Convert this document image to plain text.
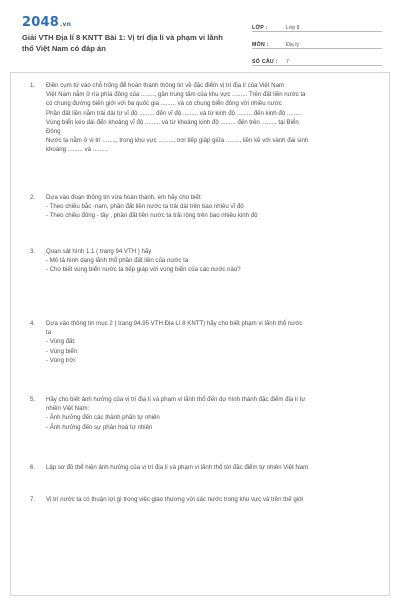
2048.vn
Giải VTH Địa lí 8 KNTT Bài 1: Vị trí địa lí và phạm vi lãnh thổ Việt Nam có đáp án
LỚP :	Lớp 8
MÔN :	Địa lý
SỐ CÂU :	7
1. Điền cụm từ vào chỗ trống để hoàn thành thông tin về đặc điểm vị trí địa lí của Việt Nam
Việt Nam nằm ở rìa phía đông của ........, gần trung tâm của khu vực ......... Trên đất liền nước ta
có chung đường biên giới với ba quốc gia ......... và có chung biển đông với nhiều nước
Phần đất liền nằm trải dài từ vĩ độ ......... đến vĩ độ ......... và từ kinh độ ......... đến kinh độ .........
Vùng biển kéo dài đến khoảng vĩ độ ......... và từ khoảng kinh độ ......... đến trên ......... tại Biển
Đông
Nước ta nằm ở vị trí ........, trong khu vực ........., nơi tiếp giáp giữa ........, liền kề với vành đai sinh
khoáng ......... và .........
2. Dựa vào đoạn thông tin vừa hoàn thành, em hãy cho biết:
- Theo chiều bắc -nam, phần đất liền nước ta trải dài trên bao nhiêu vĩ độ
- Theo chiều đông - tây , phần đất liền nước ta trải rộng trên bao nhiêu kinh độ
3. Quan sát hình 1.1 ( trang 94 VTH ) hãy
- Mô tả hình dạng lãnh thổ phần đất liền của nước ta
- Cho biết vùng biển nước ta tiếp giáp với vùng biển của các nước nào?
4. Dựa vào thông tin mục 2 ( trang 94.95 VTH Địa Lí 8 KNTT) hãy cho biết phạm vi lãnh thổ nước
ta
- Vùng đất:
- Vùng biển:
- Vùng trời:
5. Hãy cho biết ảnh hưởng của vị trí địa lí và phạm vi lãnh thổ đến dự hình thành đặc điểm địa lí tự
nhiên Việt Nam:
- Ảnh hưởng đến các thành phần tự nhiên
- Ảnh hưởng đến sự phân hoá tự nhiên
6. Lập sơ đồ thể hiện ảnh hưởng của vị trí địa lí và phạm vi lãnh thổ tới đặc điểm tự nhiên Việt Nam
7. Vị trí nước ta có thuận lợi gì trong việc giao thương với các nước trong khu vực và trên thế giới
